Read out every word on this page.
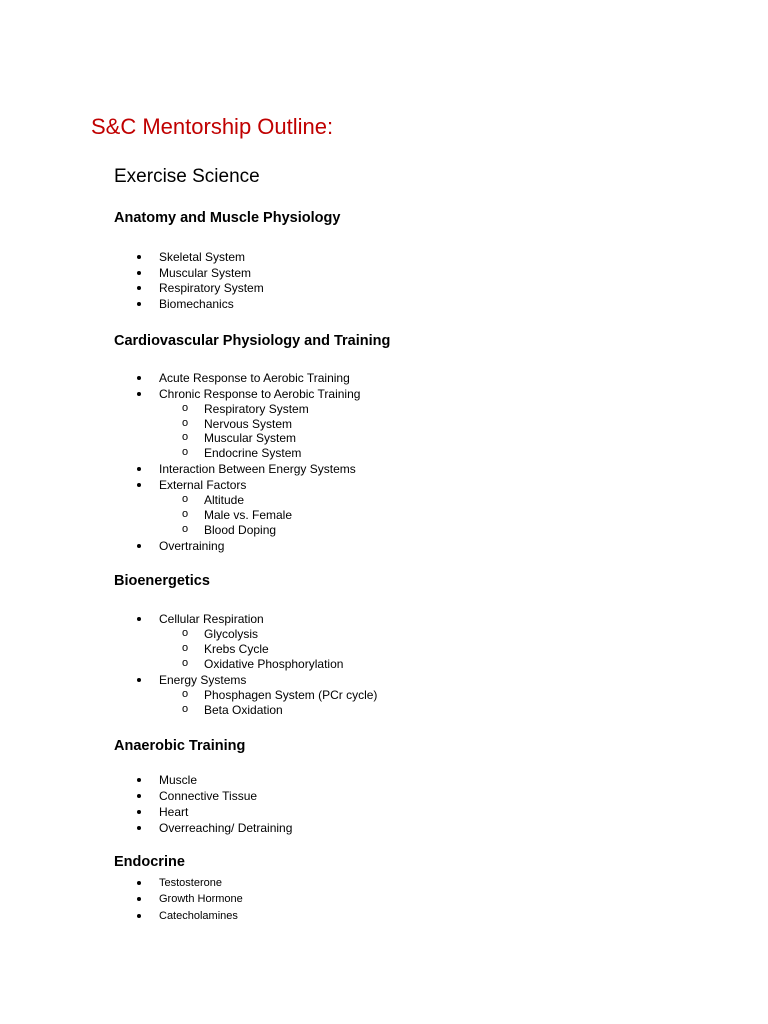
S&C Mentorship Outline:
Exercise Science
Anatomy and Muscle Physiology
Skeletal System
Muscular System
Respiratory System
Biomechanics
Cardiovascular Physiology and Training
Acute Response to Aerobic Training
Chronic Response to Aerobic Training
o Respiratory System
o Nervous System
o Muscular System
o Endocrine System
Interaction Between Energy Systems
External Factors
o Altitude
o Male vs. Female
o Blood Doping
Overtraining
Bioenergetics
Cellular Respiration
o Glycolysis
o Krebs Cycle
o Oxidative Phosphorylation
Energy Systems
o Phosphagen System (PCr cycle)
o Beta Oxidation
Anaerobic Training
Muscle
Connective Tissue
Heart
Overreaching/ Detraining
Endocrine
Testosterone
Growth Hormone
Catecholamines
